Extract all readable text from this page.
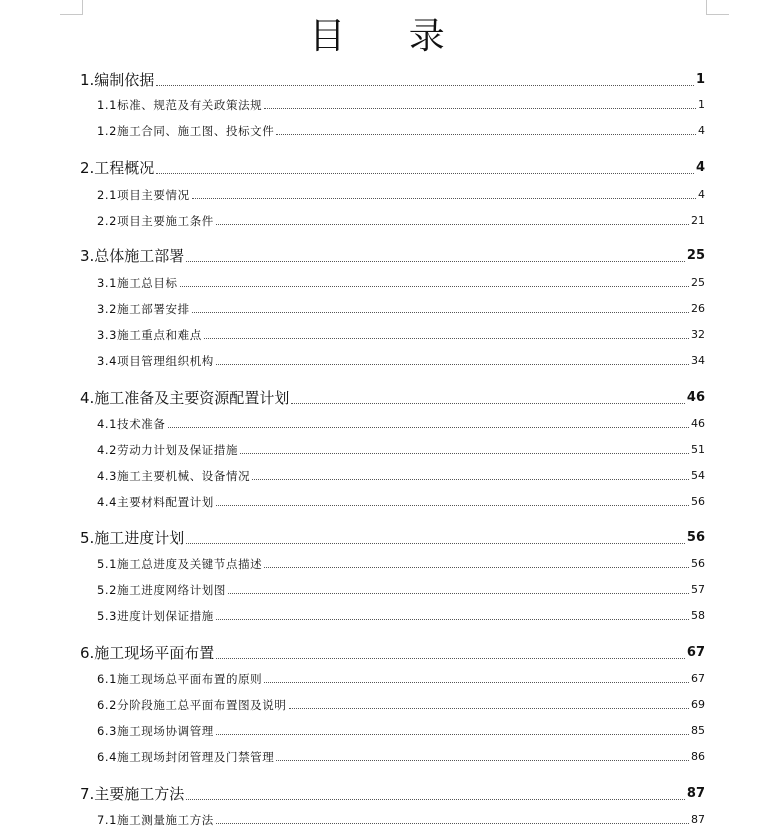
目 录
1.编制依据	1
1.1标准、规范及有关政策法规	1
1.2施工合同、施工图、投标文件	4
2.工程概况	4
2.1项目主要情况	4
2.2项目主要施工条件	21
3.总体施工部署	25
3.1施工总目标	25
3.2施工部署安排	26
3.3施工重点和难点	32
3.4项目管理组织机构	34
4.施工准备及主要资源配置计划	46
4.1技术准备	46
4.2劳动力计划及保证措施	51
4.3施工主要机械、设备情况	54
4.4主要材料配置计划	56
5.施工进度计划	56
5.1施工总进度及关键节点描述	56
5.2施工进度网络计划图	57
5.3进度计划保证措施	58
6.施工现场平面布置	67
6.1施工现场总平面布置的原则	67
6.2分阶段施工总平面布置图及说明	69
6.3施工现场协调管理	85
6.4施工现场封闭管理及门禁管理	86
7.主要施工方法	87
7.1施工测量施工方法	87
